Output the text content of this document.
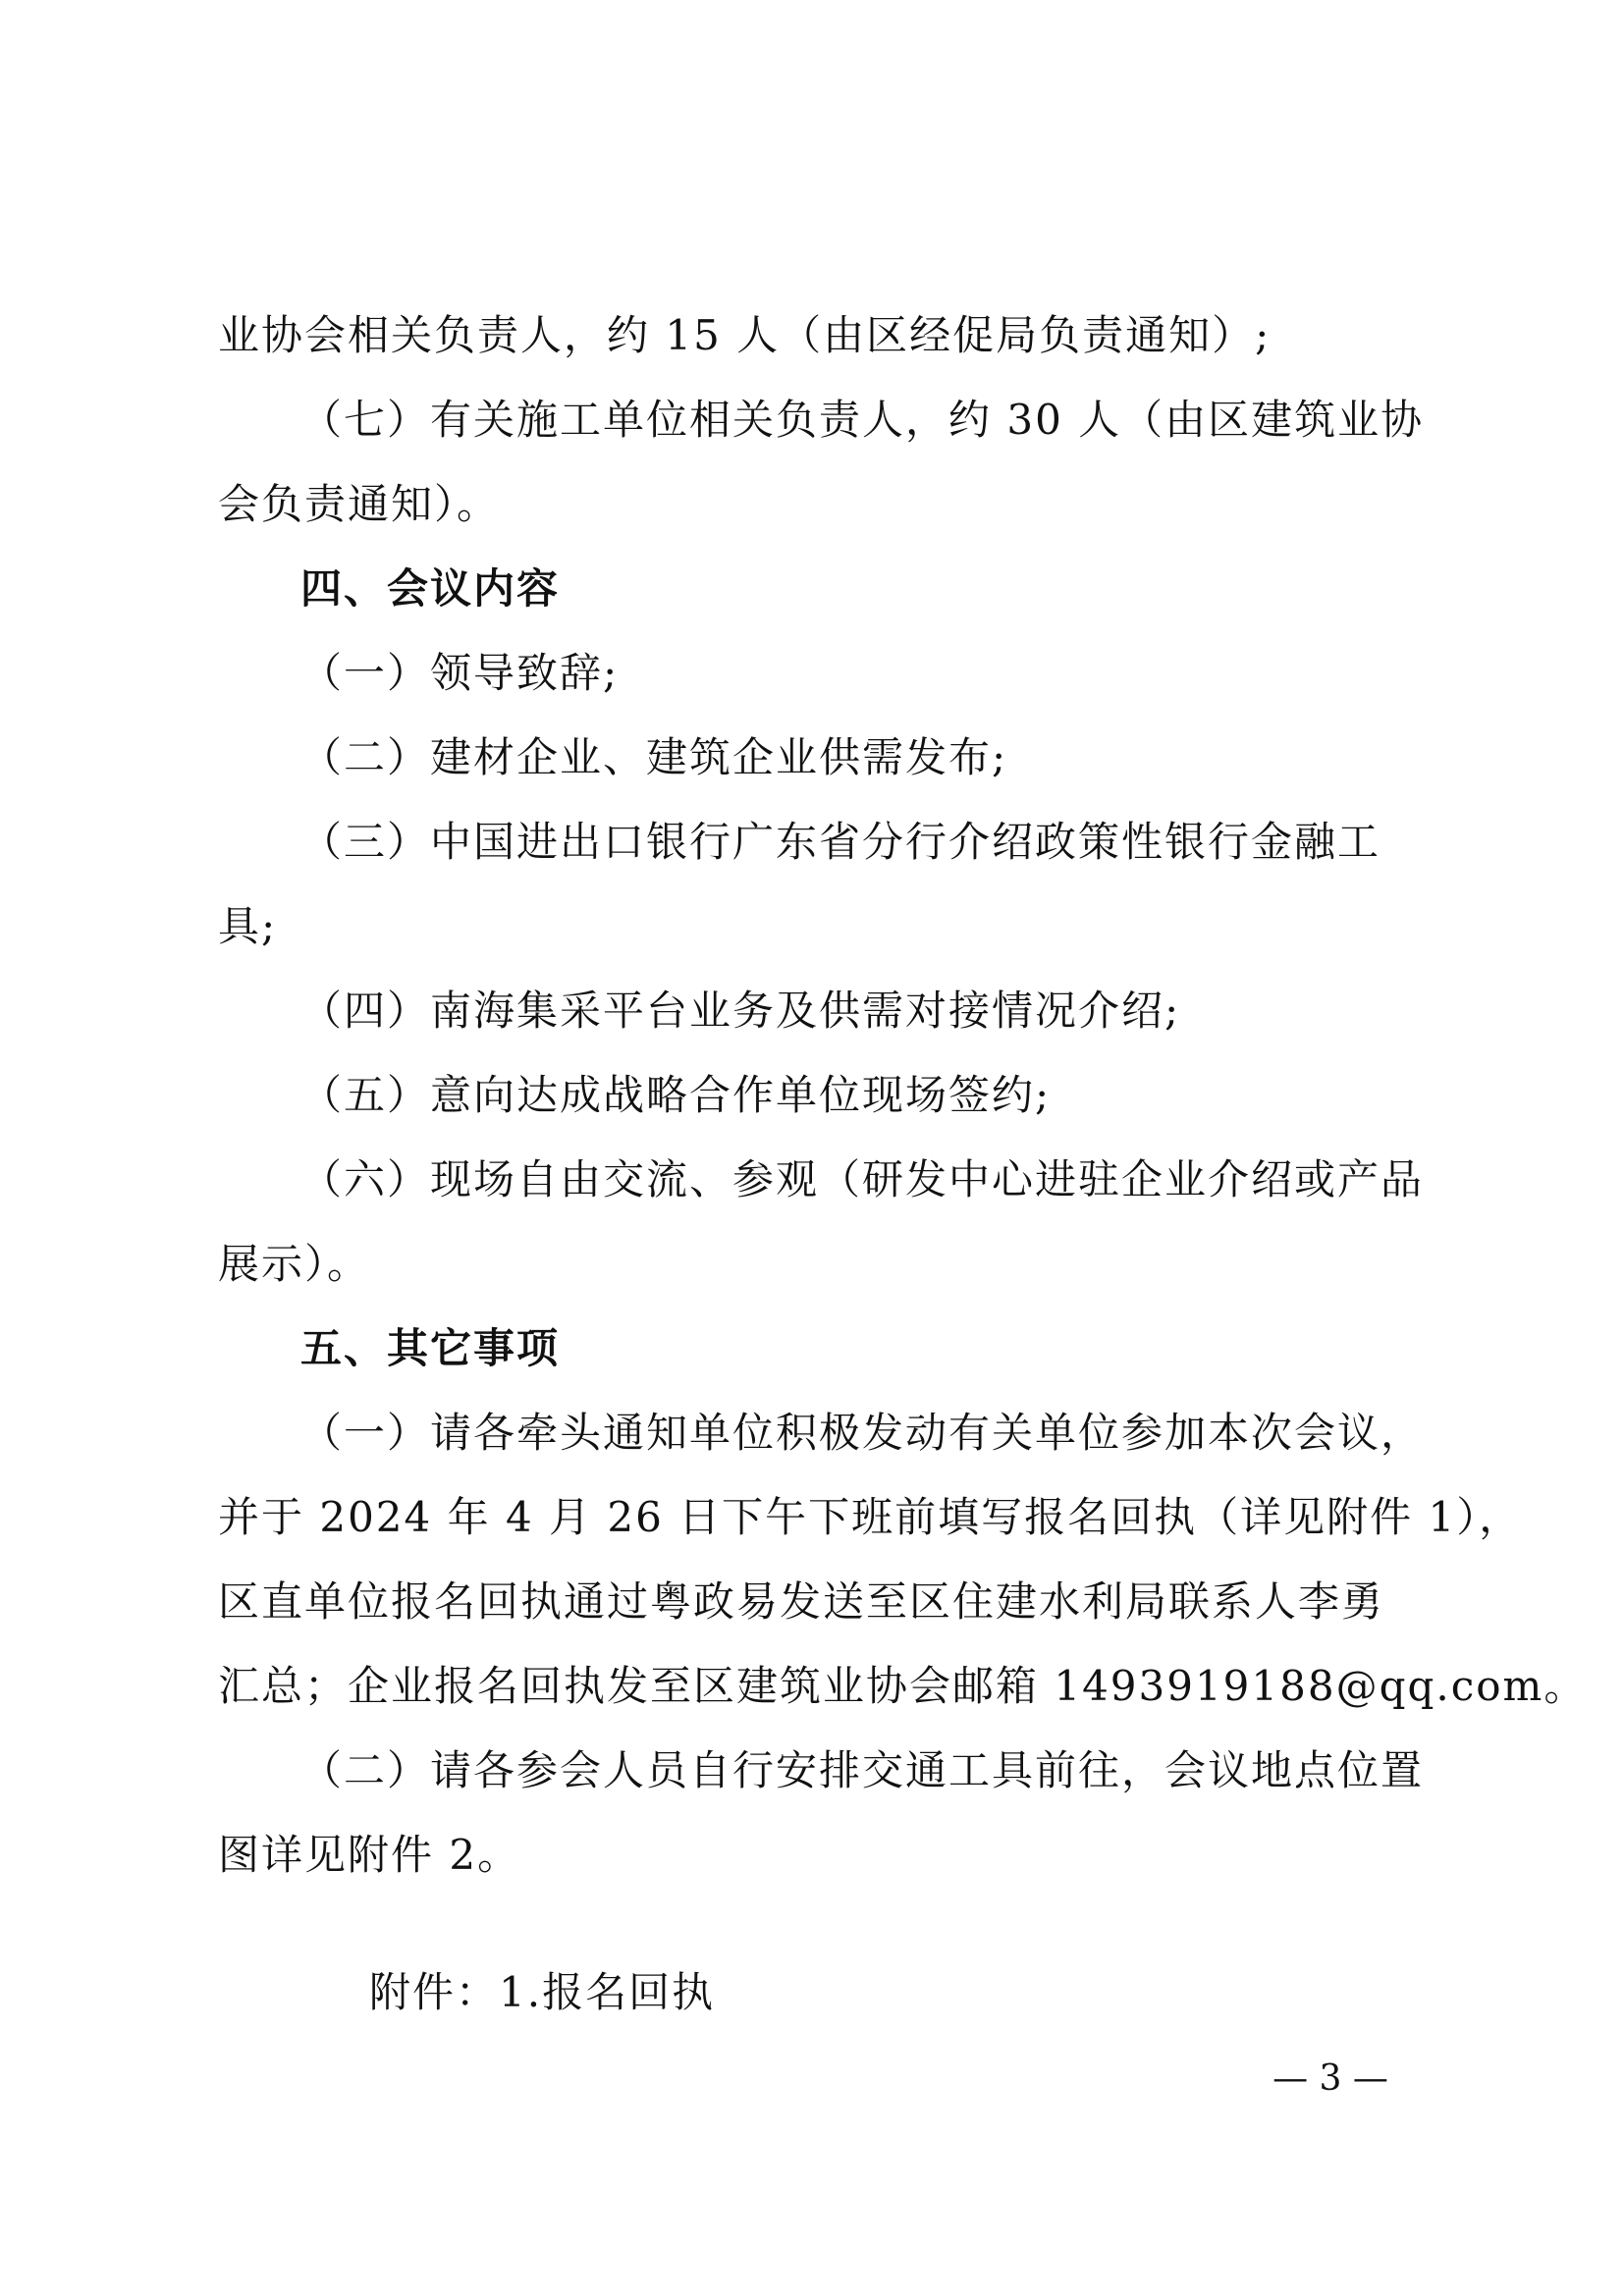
业协会相关负责人，约 15 人（由区经促局负责通知）;
（七）有关施工单位相关负责人，约 30 人（由区建筑业协
会负责通知）。
四、会议内容
（一）领导致辞;
（二）建材企业、建筑企业供需发布;
（三）中国进出口银行广东省分行介绍政策性银行金融工
具;
（四）南海集采平台业务及供需对接情况介绍;
（五）意向达成战略合作单位现场签约;
（六）现场自由交流、参观（研发中心进驻企业介绍或产品
展示）。
五、其它事项
（一）请各牵头通知单位积极发动有关单位参加本次会议，
并于 2024 年 4 月 26 日下午下班前填写报名回执（详见附件 1），
区直单位报名回执通过粤政易发送至区住建水利局联系人李勇
汇总；企业报名回执发至区建筑业协会邮箱 1493919188@qq.com。
（二）请各参会人员自行安排交通工具前往，会议地点位置
图详见附件 2。
附件：1.报名回执
— 3 —
